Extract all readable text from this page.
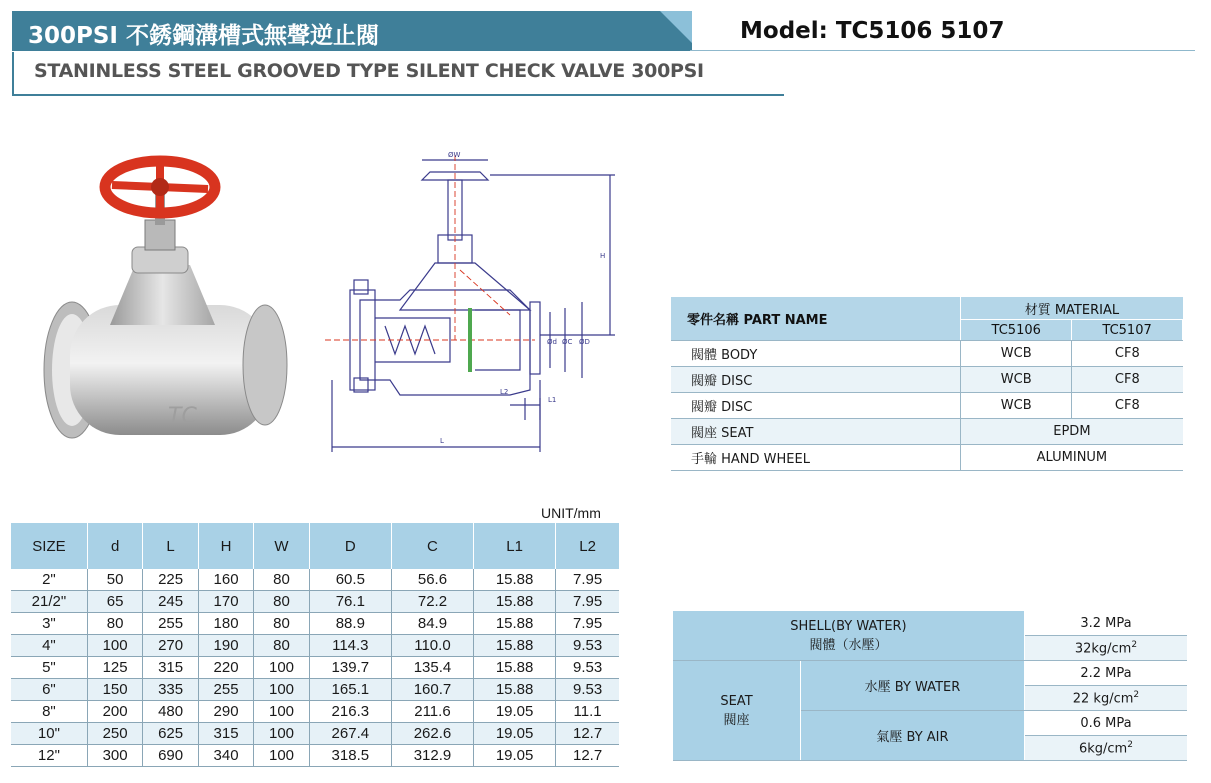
300PSI 不銹鋼溝槽式無聲逆止閥	Model: TC5106 5107
STANINLESS STEEL GROOVED TYPE SILENT CHECK VALVE 300PSI
TC
ØW
H
Ød ØC ØD
L2
L1
L
零件名稱 PART NAME	材質 MATERIAL	
	TC5106	TC5107
閥體 BODY	WCB	CF8
閥瓣 DISC	WCB	CF8
閥瓣 DISC	WCB	CF8
閥座 SEAT	EPDM	
手輪 HAND WHEEL	ALUMINUM	
UNIT/mm
SIZE	d	L	H	W	D	C	L1	L2
2"	50	225	160	80	60.5	56.6	15.88	7.95
21/2"	65	245	170	80	76.1	72.2	15.88	7.95
3"	80	255	180	80	88.9	84.9	15.88	7.95
4"	100	270	190	80	114.3	110.0	15.88	9.53
5"	125	315	220	100	139.7	135.4	15.88	9.53
6"	150	335	255	100	165.1	160.7	15.88	9.53
8"	200	480	290	100	216.3	211.6	19.05	11.1
10"	250	625	315	100	267.4	262.6	19.05	12.7
12"	300	690	340	100	318.5	312.9	19.05	12.7
SHELL(BY WATER)
閥體（水壓）		3.2 MPa
		$32kg/cm^2$

SEAT
閥座	水壓 BY WATER	2.2 MPa
		22 $kg/cm^2$
	氣壓 BY AIR	0.6 MPa
		$6kg/cm^2$
